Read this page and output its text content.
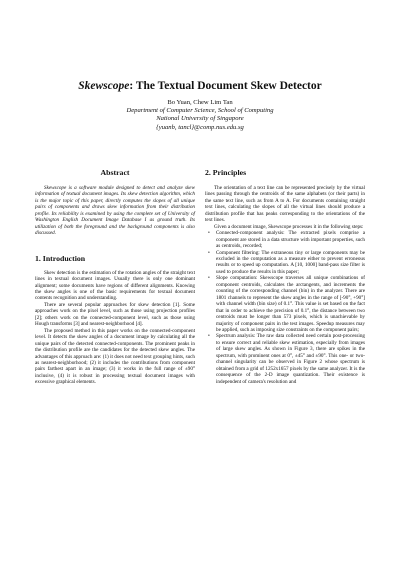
Skewscope: The Textual Document Skew Detector
Bo Yuan, Chew Lim Tan
Department of Computer Science, School of Computing
National University of Singapore
{yuanb, tancl}@comp.nus.edu.sg
Abstract

Skewscope is a software module designed to detect and analyze skew information of textual document images. Its skew detection algorithm, which is the major topic of this paper, directly computes the slopes of all unique pairs of components and draws skew information from their distribution profile. Its reliability is examined by using the complete set of University of Washington English Document Image Database I as ground truth. Its utilization of both the foreground and the background components is also discussed.

1. Introduction

Skew detection is the estimation of the rotation angles of the straight text lines in textual document images. Usually there is only one dominant alignment; some documents have regions of different alignments. Knowing the skew angles is one of the basic requirements for textual document contents recognition and understanding.

There are several popular approaches for skew detection [1]. Some approaches work on the pixel level, such as those using projection profiles [2]; others work on the connected-component level, such as those using Hough transforms [3] and nearest-neighborhood [4].

The proposed method in this paper works on the connected-component level. It detects the skew angles of a document image by calculating all the unique pairs of the detected connected-components. The prominent peaks in the distribution profile are the candidates for the detected skew angles. The advantages of this approach are: (1) it does not need text grouping hints, such as nearest-neighborhood; (2) it includes the contributions from component pairs farthest apart in an image; (3) it works in the full range of ±90° inclusive, (4) it is robust in processing textual document images with excessive graphical elements.

2. Principles

The orientation of a text line can be represented precisely by the virtual lines passing through the centroids of the same alphabets (or their parts) in the same text line, such as from A to A. For documents containing straight text lines, calculating the slopes of all the virtual lines should produce a distribution profile that has peaks corresponding to the orientations of the text lines.

Given a document image, Skewscope processes it in the following steps:

• Connected-component analysis: The extracted pixels comprise a component are stored in a data structure with important properties, such as centroids, recorded;
• Component filtering: The extraneous tiny or large components may be excluded in the computation as a measure either to prevent erroneous results or to speed up computation. A [10, 1000] band-pass size filter is used to produce the results in this paper;
• Slope computation: Skewscope traverses all unique combinations of component centroids, calculates the arctangents, and increments the counting of the corresponding channel (bin) in the analyzer. There are 1801 channels to represent the skew angles in the range of [-90°, +90°] with channel width (bin size) of 0.1°. This value is set based on the fact that in order to achieve the precision of 0.1°, the distance between two centroids must be longer than 573 pixels, which is unachievable by majority of component pairs in the test images. Speedup measures may be applied, such as imposing size constraints on the component pairs;
• Spectrum analysis: The raw data collected need certain post-processing to ensure correct and reliable skew estimation, especially from images of large skew angles. As shown in Figure 3, there are spikes in the spectrum, with prominent ones at 0°, ±45° and ±90°. This one- or two-channel singularity can be observed in Figure 2 whose spectrum is obtained from a grid of 1252x1657 pixels by the same analyzer. It is the consequence of the 2-D image quantization. Their existence is independent of camera's resolution and
